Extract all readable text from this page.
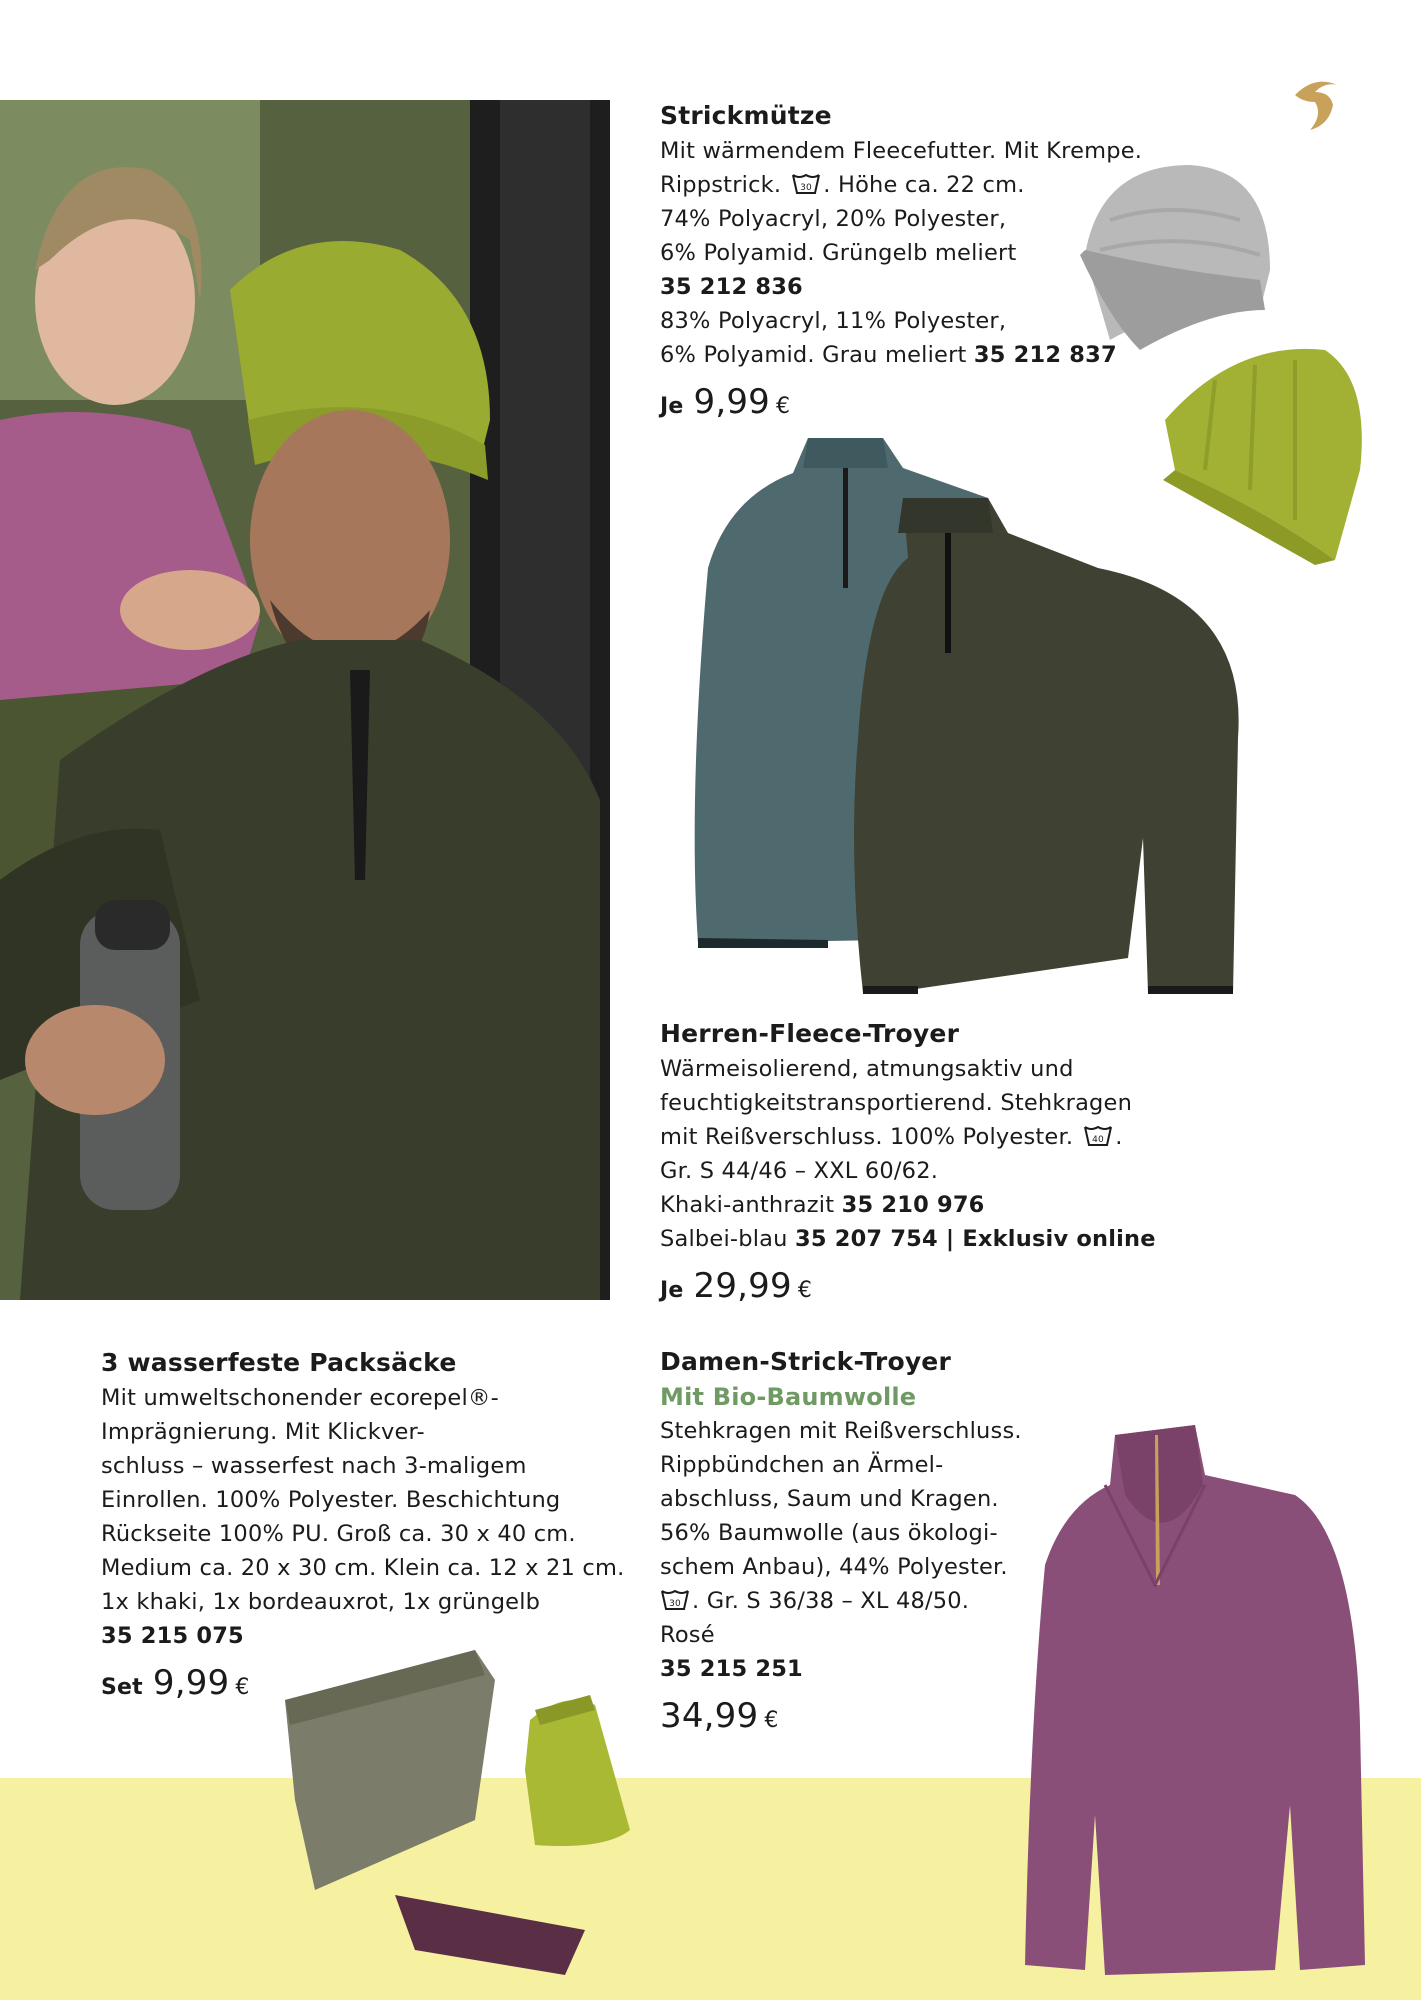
Strickmütze

Mit wärmendem Fleecefutter. Mit Krempe.

Rippstrick. 30 . Höhe ca. 22 cm.

74% Polyacryl, 20% Polyester,

6% Polyamid. Grüngelb meliert

35 212 836

83% Polyacryl, 11% Polyester,

6% Polyamid. Grau meliert 35 212 837

Je 9,99 €

Herren-Fleece-Troyer

Wärmeisolierend, atmungsaktiv und

feuchtigkeitstransportierend. Stehkragen

mit Reißverschluss. 100% Polyester. 40 .

Gr. S 44/46 – XXL 60/62.

Khaki-anthrazit 35 210 976

Salbei-blau 35 207 754 | Exklusiv online

Je 29,99 €

3 wasserfeste Packsäcke

Mit umweltschonender ecorepel®-

Imprägnierung. Mit Klickver-

schluss – wasserfest nach 3-maligem

Einrollen. 100% Polyester. Beschichtung

Rückseite 100% PU. Groß ca. 30 x 40 cm.

Medium ca. 20 x 30 cm. Klein ca. 12 x 21 cm.

1x khaki, 1x bordeauxrot, 1x grüngelb

35 215 075

Set 9,99 €

Damen-Strick-Troyer

Mit Bio-Baumwolle

Stehkragen mit Reißverschluss.

Rippbündchen an Ärmel-

abschluss, Saum und Kragen.

56% Baumwolle (aus ökologi-

schem Anbau), 44% Polyester.

30 . Gr. S 36/38 – XL 48/50.

Rosé

35 215 251

34,99 €
